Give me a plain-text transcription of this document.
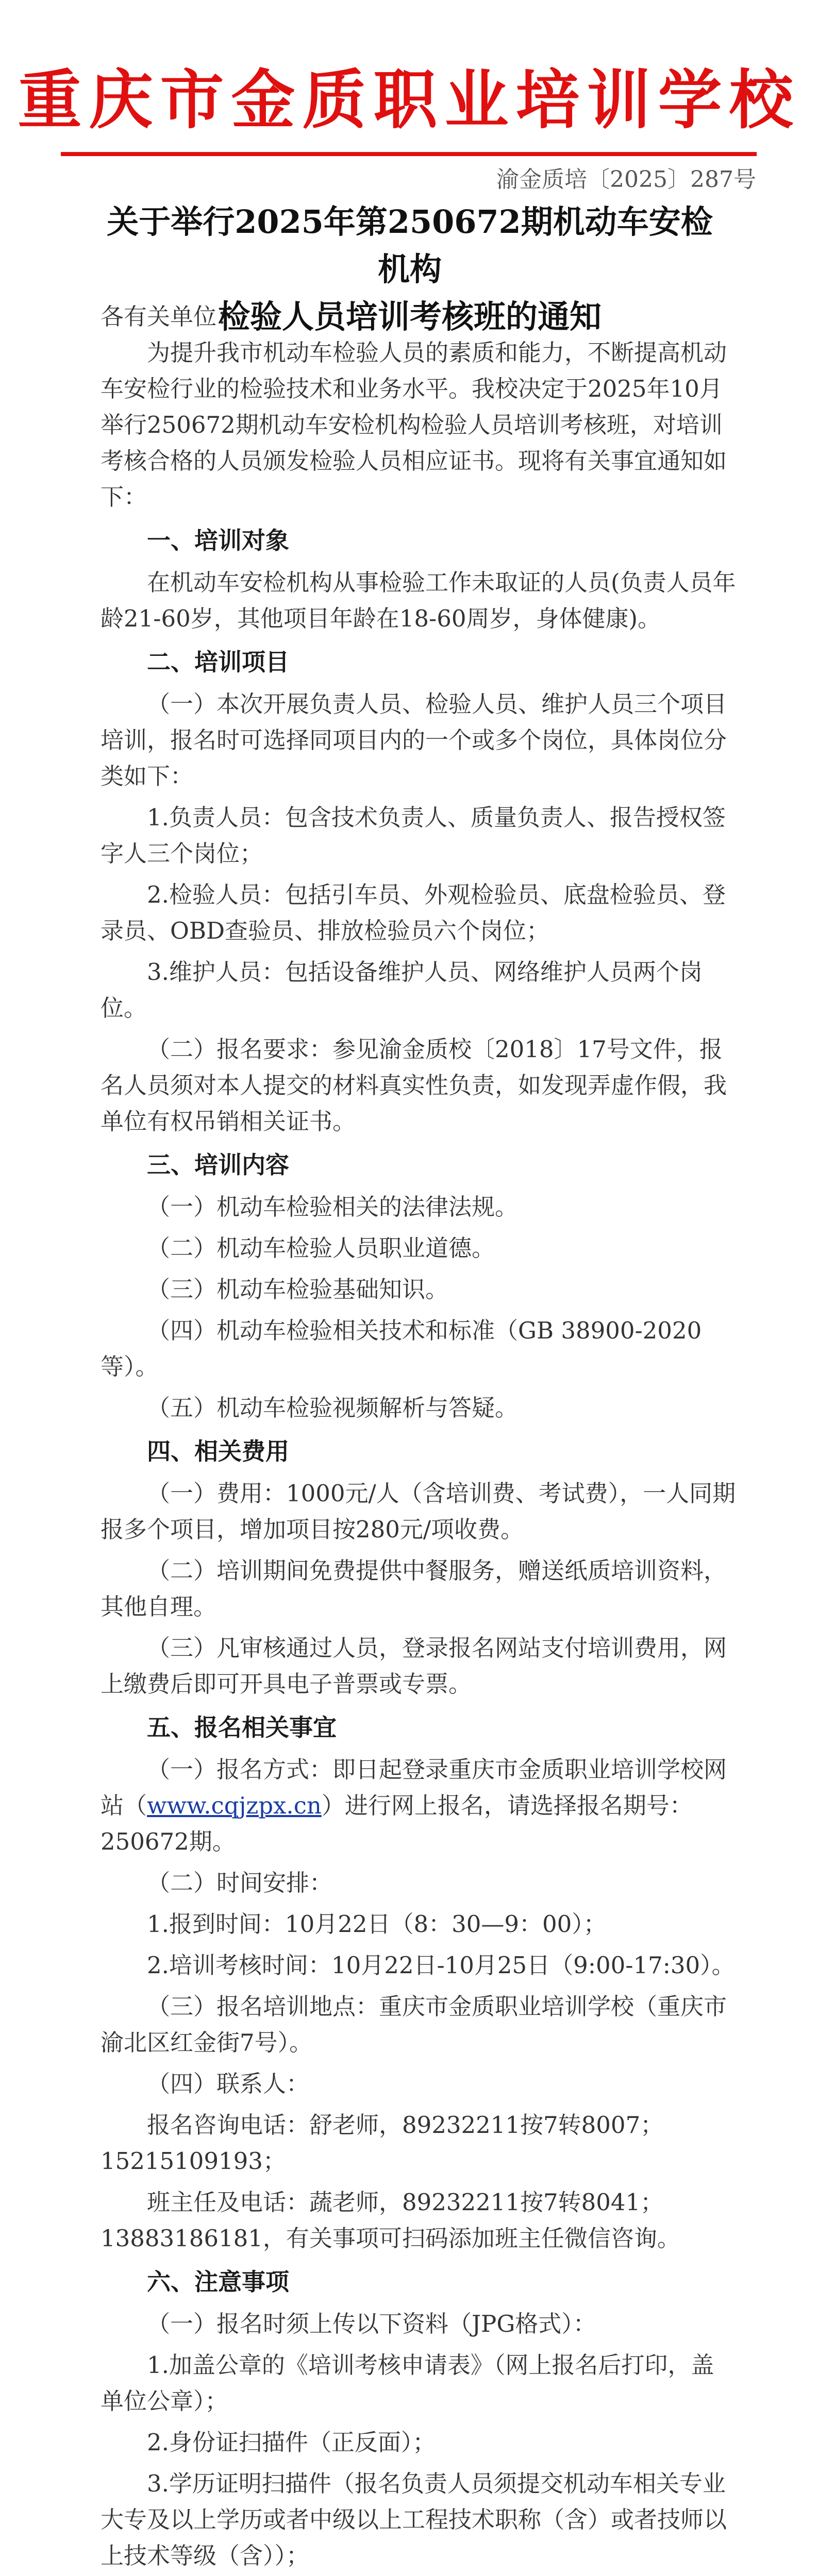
重庆市金质职业培训学校
渝金质培〔2025〕287号
关于举行2025年第250672期机动车安检机构
检验人员培训考核班的通知

各有关单位：

为提升我市机动车检验人员的素质和能力，不断提高机动车安检行业的检验技术和业务水平。我校决定于2025年10月举行250672期机动车安检机构检验人员培训考核班，对培训考核合格的人员颁发检验人员相应证书。现将有关事宜通知如下：

一、培训对象

在机动车安检机构从事检验工作未取证的人员(负责人员年龄21-60岁，其他项目年龄在18-60周岁，身体健康)。

二、培训项目

（一）本次开展负责人员、检验人员、维护人员三个项目培训，报名时可选择同项目内的一个或多个岗位，具体岗位分类如下：

1.负责人员：包含技术负责人、质量负责人、报告授权签字人三个岗位；

2.检验人员：包括引车员、外观检验员、底盘检验员、登录员、OBD查验员、排放检验员六个岗位；

3.维护人员：包括设备维护人员、网络维护人员两个岗位。

（二）报名要求：参见渝金质校〔2018〕17号文件，报名人员须对本人提交的材料真实性负责，如发现弄虚作假，我单位有权吊销相关证书。

三、培训内容

（一）机动车检验相关的法律法规。

（二）机动车检验人员职业道德。

（三）机动车检验基础知识。

（四）机动车检验相关技术和标准（GB 38900-2020等）。

（五）机动车检验视频解析与答疑。

四、相关费用

（一）费用：1000元/人（含培训费、考试费），一人同期报多个项目，增加项目按280元/项收费。

（二）培训期间免费提供中餐服务，赠送纸质培训资料，其他自理。

（三）凡审核通过人员，登录报名网站支付培训费用，网上缴费后即可开具电子普票或专票。

五、报名相关事宜

（一）报名方式：即日起登录重庆市金质职业培训学校网站（www.cqjzpx.cn）进行网上报名，请选择报名期号：250672期。

（二）时间安排：

1.报到时间：10月22日（8：30—9：00）；

2.培训考核时间：10月22日-10月25日（9:00-17:30）。

（三）报名培训地点：重庆市金质职业培训学校（重庆市渝北区红金街7号）。

（四）联系人：

报名咨询电话：舒老师，89232211按7转8007；15215109193；

班主任及电话：蔬老师，89232211按7转8041；13883186181，有关事项可扫码添加班主任微信咨询。

六、注意事项

（一）报名时须上传以下资料（JPG格式）：

1.加盖公章的《培训考核申请表》（网上报名后打印，盖单位公章）；

2.身份证扫描件（正反面）；

3.学历证明扫描件（报名负责人员须提交机动车相关专业大专及以上学历或者中级以上工程技术职称（含）或者技师以上技术等级（含））；
